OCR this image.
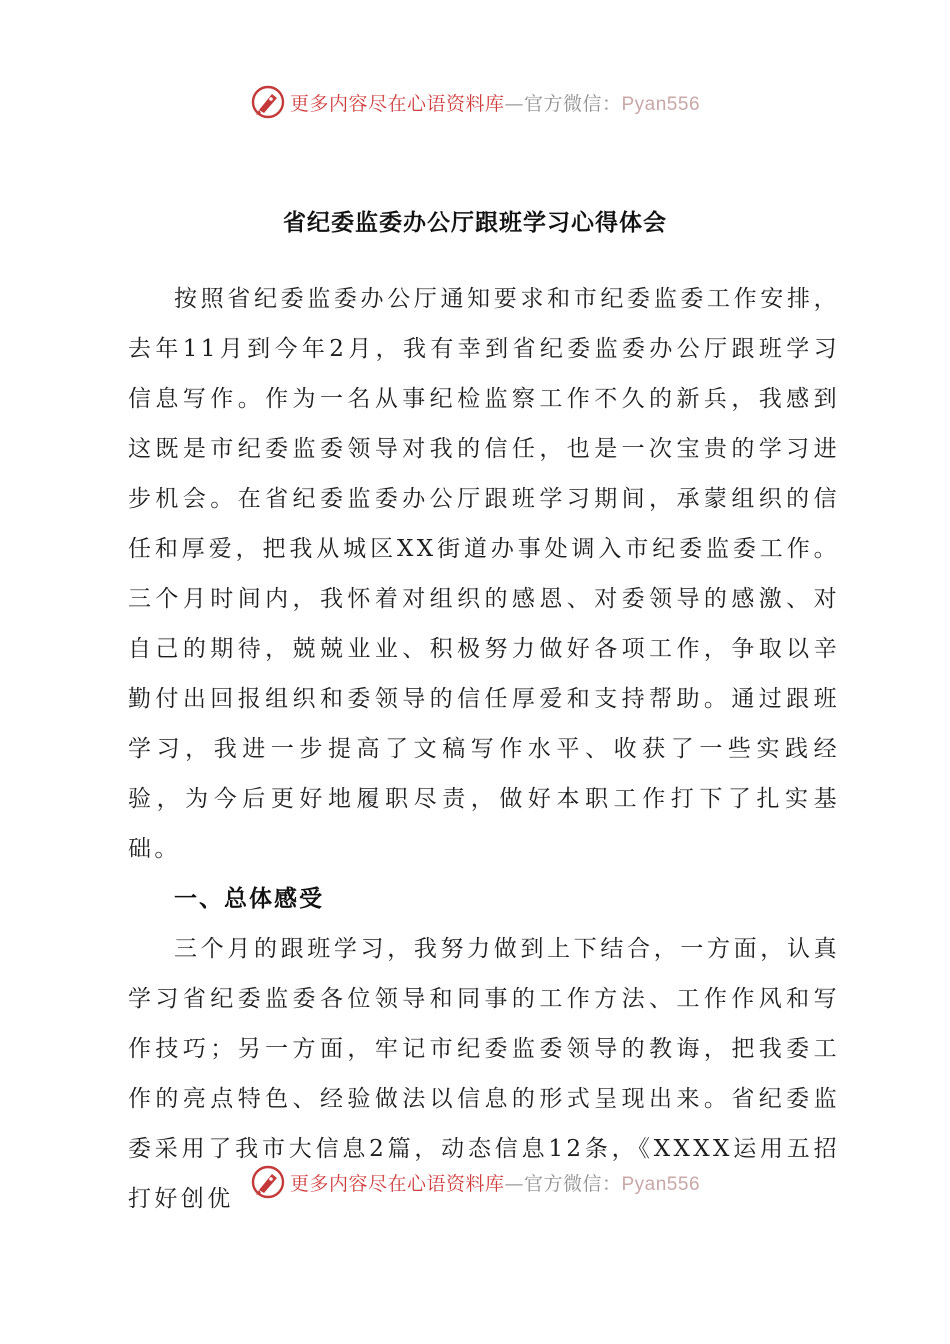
更多内容尽在心语资料库—官方微信：Pyan556
省纪委监委办公厅跟班学习心得体会

按照省纪委监委办公厅通知要求和市纪委监委工作安排，去年11月到今年2月，我有幸到省纪委监委办公厅跟班学习信息写作。作为一名从事纪检监察工作不久的新兵，我感到这既是市纪委监委领导对我的信任，也是一次宝贵的学习进步机会。在省纪委监委办公厅跟班学习期间，承蒙组织的信任和厚爱，把我从城区XX街道办事处调入市纪委监委工作。三个月时间内，我怀着对组织的感恩、对委领导的感激、对自己的期待，兢兢业业、积极努力做好各项工作，争取以辛勤付出回报组织和委领导的信任厚爱和支持帮助。通过跟班学习，我进一步提高了文稿写作水平、收获了一些实践经验，为今后更好地履职尽责，做好本职工作打下了扎实基础。

一、总体感受

三个月的跟班学习，我努力做到上下结合，一方面，认真学习省纪委监委各位领导和同事的工作方法、工作作风和写作技巧；另一方面，牢记市纪委监委领导的教诲，把我委工作的亮点特色、经验做法以信息的形式呈现出来。省纪委监委采用了我市大信息2篇，动态信息12条，《XXXX运用五招打好创优

更多内容尽在心语资料库—官方微信：Pyan556
